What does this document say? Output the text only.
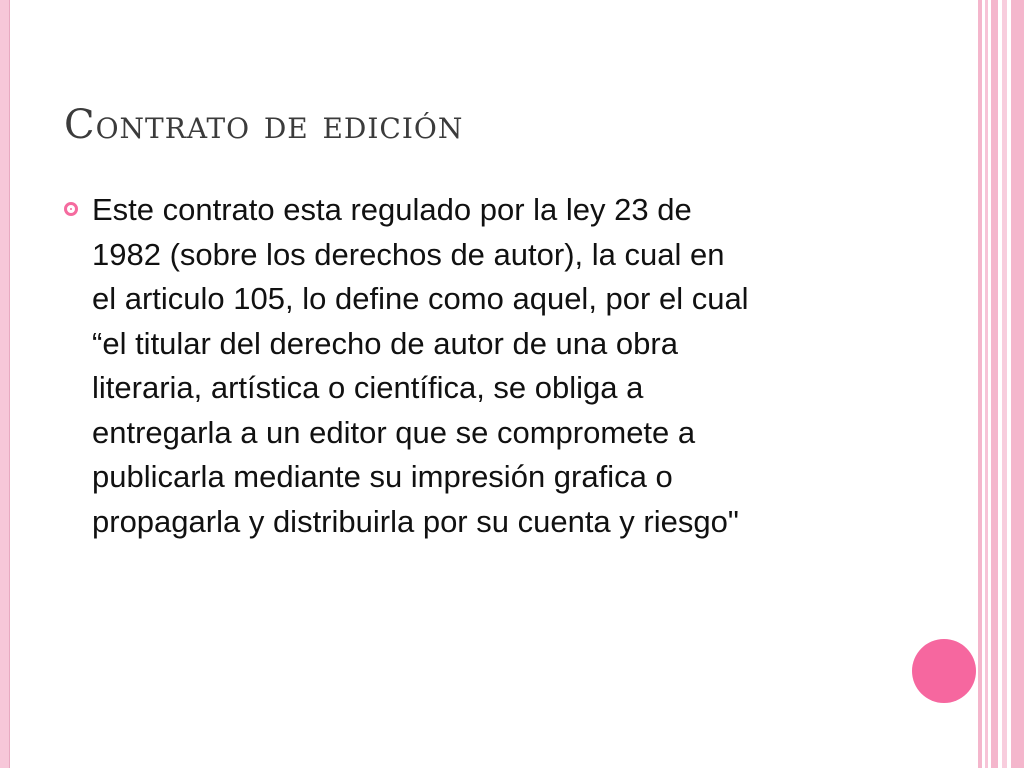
Contrato de edición

Este contrato esta regulado por la ley 23 de
1982 (sobre los derechos de autor), la cual en
el articulo 105, lo define como aquel, por el cual
“el titular del derecho de autor de una obra
literaria, artística o científica, se obliga a
entregarla a un editor que se compromete a
publicarla mediante su impresión grafica o
propagarla y distribuirla por su cuenta y riesgo"
